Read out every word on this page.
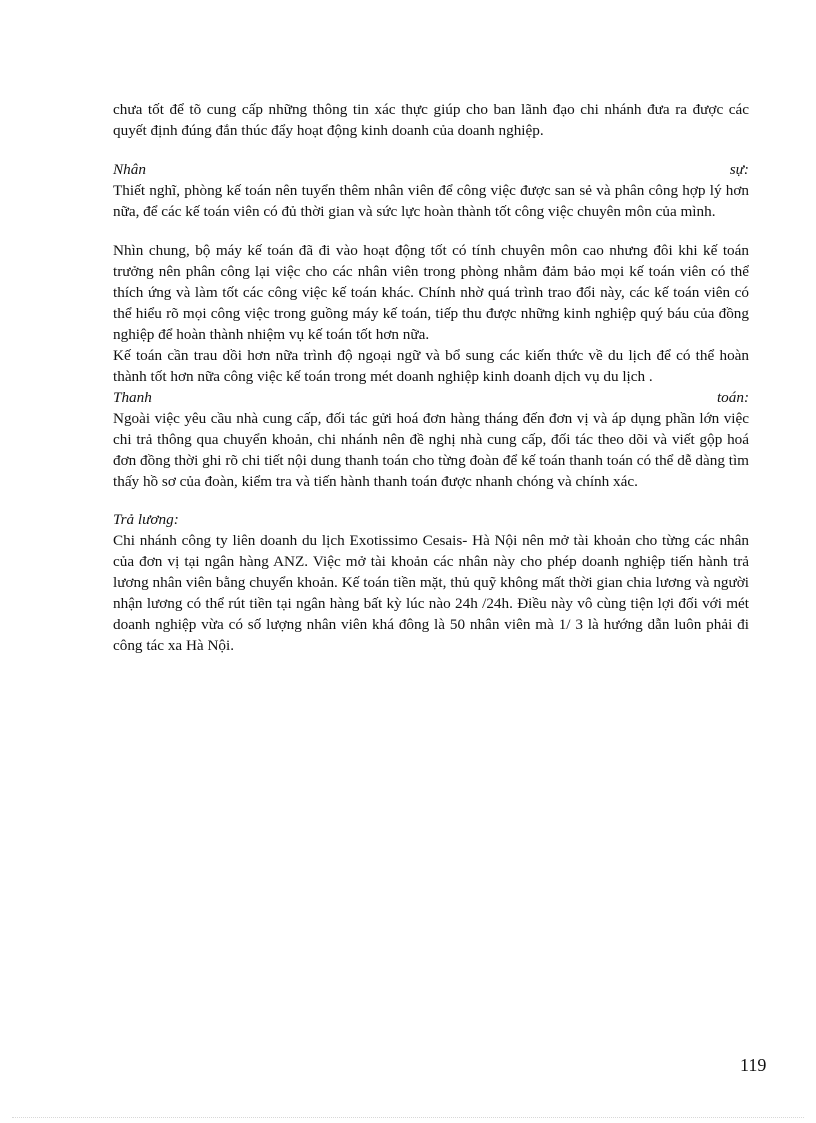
chưa tốt để tõ cung cấp những thông tin xác thực giúp cho ban lãnh đạo chi nhánh đưa ra được các quyết định đúng đắn thúc đẩy hoạt động kinh doanh của doanh nghiệp.

Nhân	sự:

Thiết nghĩ, phòng kế toán nên tuyển thêm nhân viên để công việc được san sẻ và phân công hợp lý hơn nữa, để các kế toán viên có đủ thời gian và sức lực hoàn thành tốt công việc chuyên môn của mình.

Nhìn chung, bộ máy kế toán đã đi vào hoạt động tốt có tính chuyên môn cao nhưng đôi khi kế toán trưởng nên phân công lại việc cho các nhân viên trong phòng nhằm đảm bảo mọi kế toán viên có thể thích ứng và làm tốt các công việc kế toán khác. Chính nhờ quá trình trao đổi này, các kế toán viên có thể hiểu rõ mọi công việc trong guồng máy kế toán, tiếp thu được những kinh nghiệp quý báu của đồng nghiệp để hoàn thành nhiệm vụ kế toán tốt hơn nữa.

Kế toán cần trau dồi hơn nữa trình độ ngoại ngữ và bổ sung các kiến thức về du lịch để có thể hoàn thành tốt hơn nữa công việc kế toán trong mét doanh nghiệp kinh doanh dịch vụ du lịch .

Thanh	toán:

Ngoài việc yêu cầu nhà cung cấp, đối tác gửi hoá đơn hàng tháng đến đơn vị và áp dụng phần lớn việc chi trả thông qua chuyển khoản, chi nhánh nên đề nghị nhà cung cấp, đối tác theo dõi và viết gộp hoá đơn đồng thời ghi rõ chi tiết nội dung thanh toán cho từng đoàn để kế toán thanh toán có thể dễ dàng tìm thấy hồ sơ của đoàn, kiểm tra và tiến hành thanh toán được nhanh chóng và chính xác.

Trả lương:

Chi nhánh công ty liên doanh du lịch Exotissimo Cesais- Hà Nội nên mở tài khoản cho từng các nhân của đơn vị tại ngân hàng ANZ. Việc mở tài khoản các nhân này cho phép doanh nghiệp tiến hành trả lương nhân viên bằng chuyển khoản. Kế toán tiền mặt, thủ quỹ không mất thời gian chia lương và người nhận lương có thể rút tiền tại ngân hàng bất kỳ lúc nào 24h /24h. Điều này vô cùng tiện lợi đối với mét doanh nghiệp vừa có số lượng nhân viên khá đông là 50 nhân viên mà 1/ 3 là hướng dẫn luôn phải đi công tác xa Hà Nội.

119
